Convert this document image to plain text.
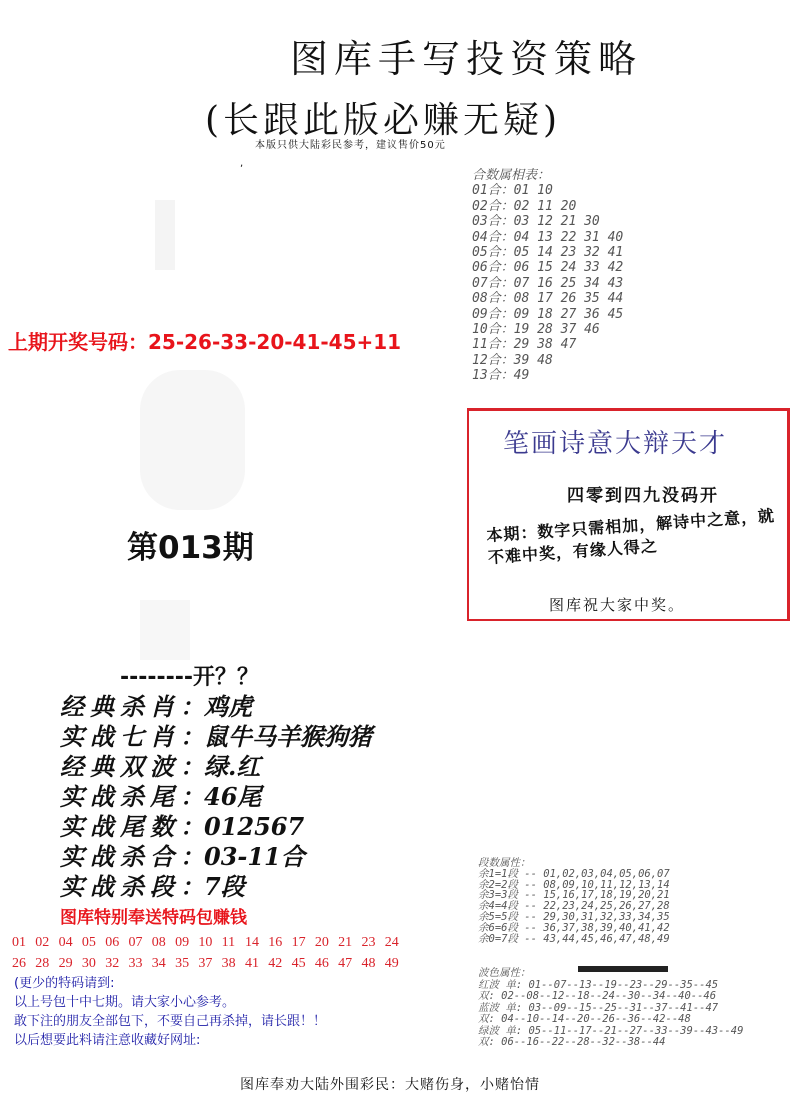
图库手写投资策略
(长跟此版必赚无疑)
本版只供大陆彩民参考，建议售价50元
,
合数属相表：
01合：01 10
02合：02 11 20
03合：03 12 21 30
04合：04 13 22 31 40
05合：05 14 23 32 41
06合：06 15 24 33 42
07合：07 16 25 34 43
08合：08 17 26 35 44
09合：09 18 27 36 45
10合：19 28 37 46
11合：29 38 47
12合：39 48
13合：49
上期开奖号码：25-26-33-20-41-45+11
笔画诗意大辩天才
四零到四九没码开
本期：数字只需相加，解诗中之意，就不难中奖，有缘人得之
图库祝大家中奖。
第013期
--------开？？
经典杀肖：鸡虎
实战七肖：鼠牛马羊猴狗猪
经典双波：绿.红
实战杀尾：46尾
实战尾数：012567
实战杀合：03-11合
实战杀段：7段
图库特别奉送特码包赚钱
01 02 04 05 06 07 08 09 10 11 14 16 17 20 21 23 24
26 28 29 30 32 33 34 35 37 38 41 42 45 46 47 48 49
(更少的特码请到:
以上号包十中七期。请大家小心参考。
敢下注的朋友全部包下，不要自己再杀掉，请长跟！！
以后想要此料请注意收藏好网址:
段数属性：
余1=1段 -- 01,02,03,04,05,06,07
余2=2段 -- 08,09,10,11,12,13,14
余3=3段 -- 15,16,17,18,19,20,21
余4=4段 -- 22,23,24,25,26,27,28
余5=5段 -- 29,30,31,32,33,34,35
余6=6段 -- 36,37,38,39,40,41,42
余0=7段 -- 43,44,45,46,47,48,49
波色属性：
红波 单: 01--07--13--19--23--29--35--45
双: 02--08--12--18--24--30--34--40--46
蓝波 单: 03--09--15--25--31--37--41--47
双: 04--10--14--20--26--36--42--48
绿波 单: 05--11--17--21--27--33--39--43--49
双: 06--16--22--28--32--38--44
图库奉劝大陆外围彩民：大赌伤身，小赌怡情
